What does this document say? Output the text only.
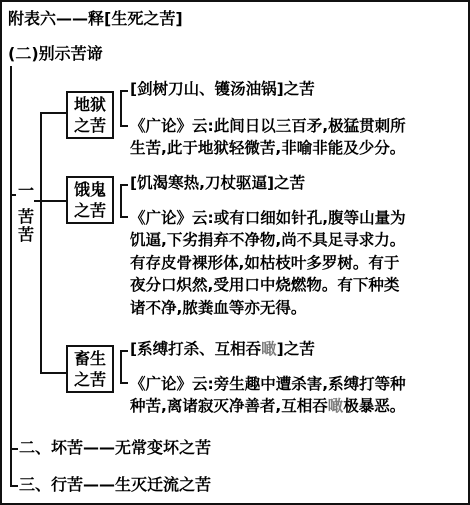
附表六——释[生死之苦]
(二)别示苦谛
一
苦苦
地狱之苦
[剑树刀山、镬汤油锅]之苦
《广论》云:此间日以三百矛,极猛贯刺所
生苦,此于地狱轻微苦,非喻非能及少分。
饿鬼之苦
[饥渴寒热,刀杖驱逼]之苦
《广论》云:或有口细如针孔,腹等山量为
饥逼,下劣捐弃不净物,尚不具足寻求力。
有存皮骨裸形体,如枯枝叶多罗树。有于
夜分口炽然,受用口中烧燃物。有下种类
诸不净,脓粪血等亦无得。
畜生之苦
[系缚打杀、互相吞噉]之苦
《广论》云:旁生趣中遭杀害,系缚打等种
种苦,离诸寂灭净善者,互相吞噉极暴恶。
二、坏苦——无常变坏之苦
三、行苦——生灭迁流之苦
